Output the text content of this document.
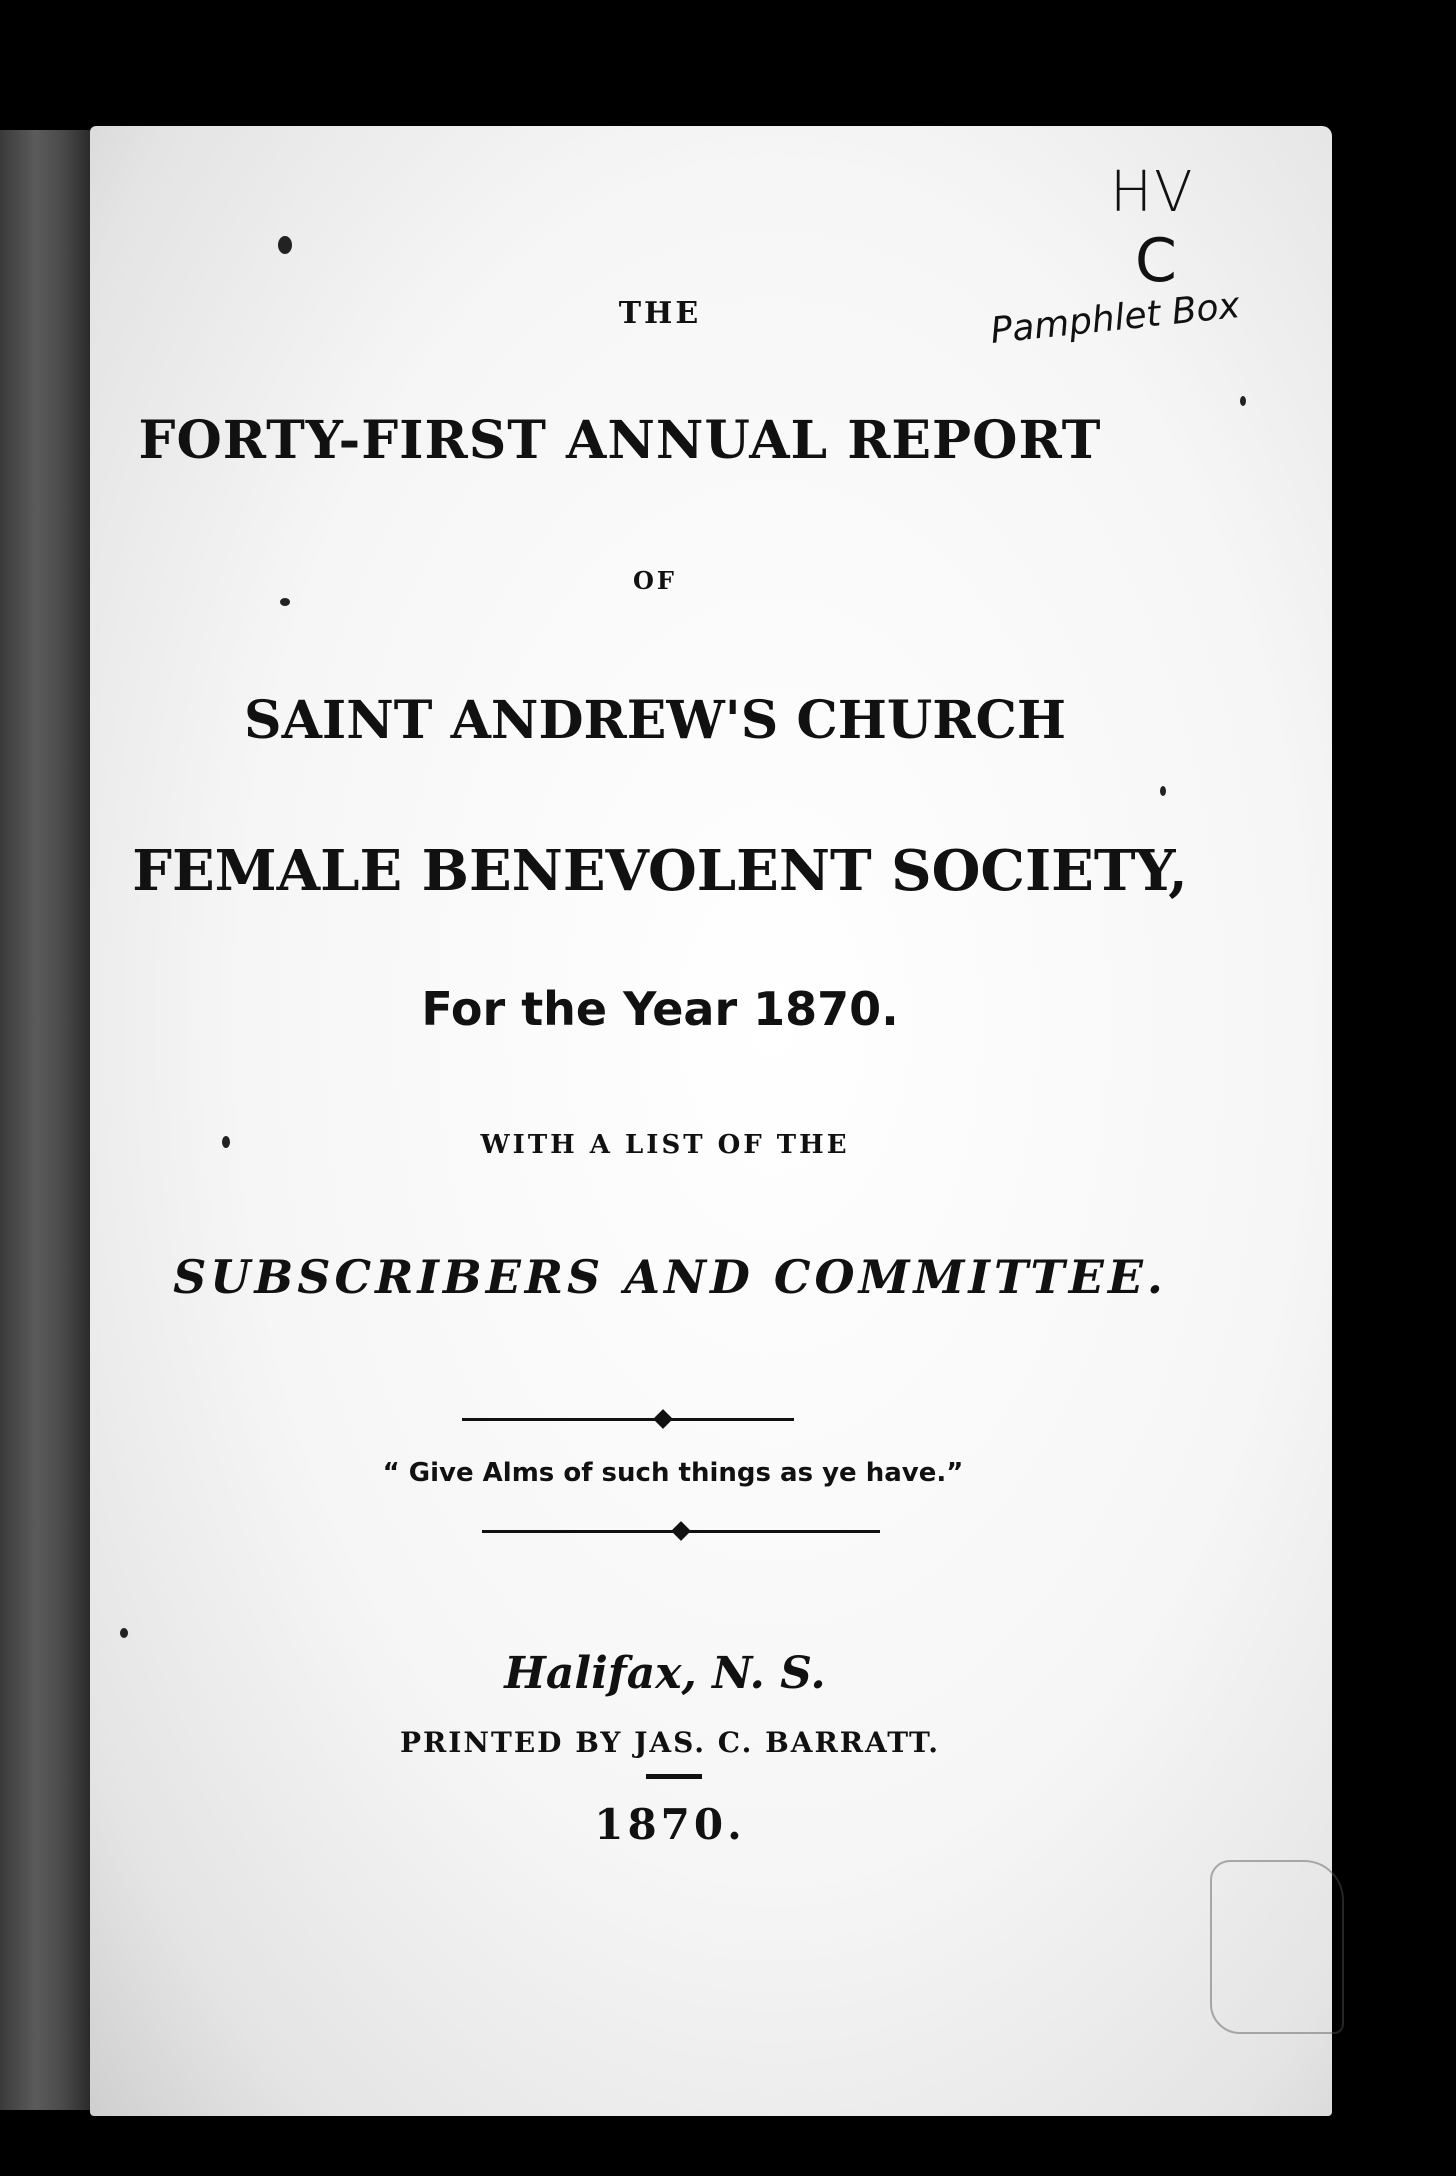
THE
FORTY-FIRST ANNUAL REPORT
OF
SAINT ANDREW'S CHURCH
FEMALE BENEVOLENT SOCIETY,
For the Year 1870.
WITH A LIST OF THE
SUBSCRIBERS AND COMMITTEE.
“ Give Alms of such things as ye have.”
Halifax, N. S.
PRINTED BY JAS. C. BARRATT.
1870.
HV
C
Pamphlet Box
